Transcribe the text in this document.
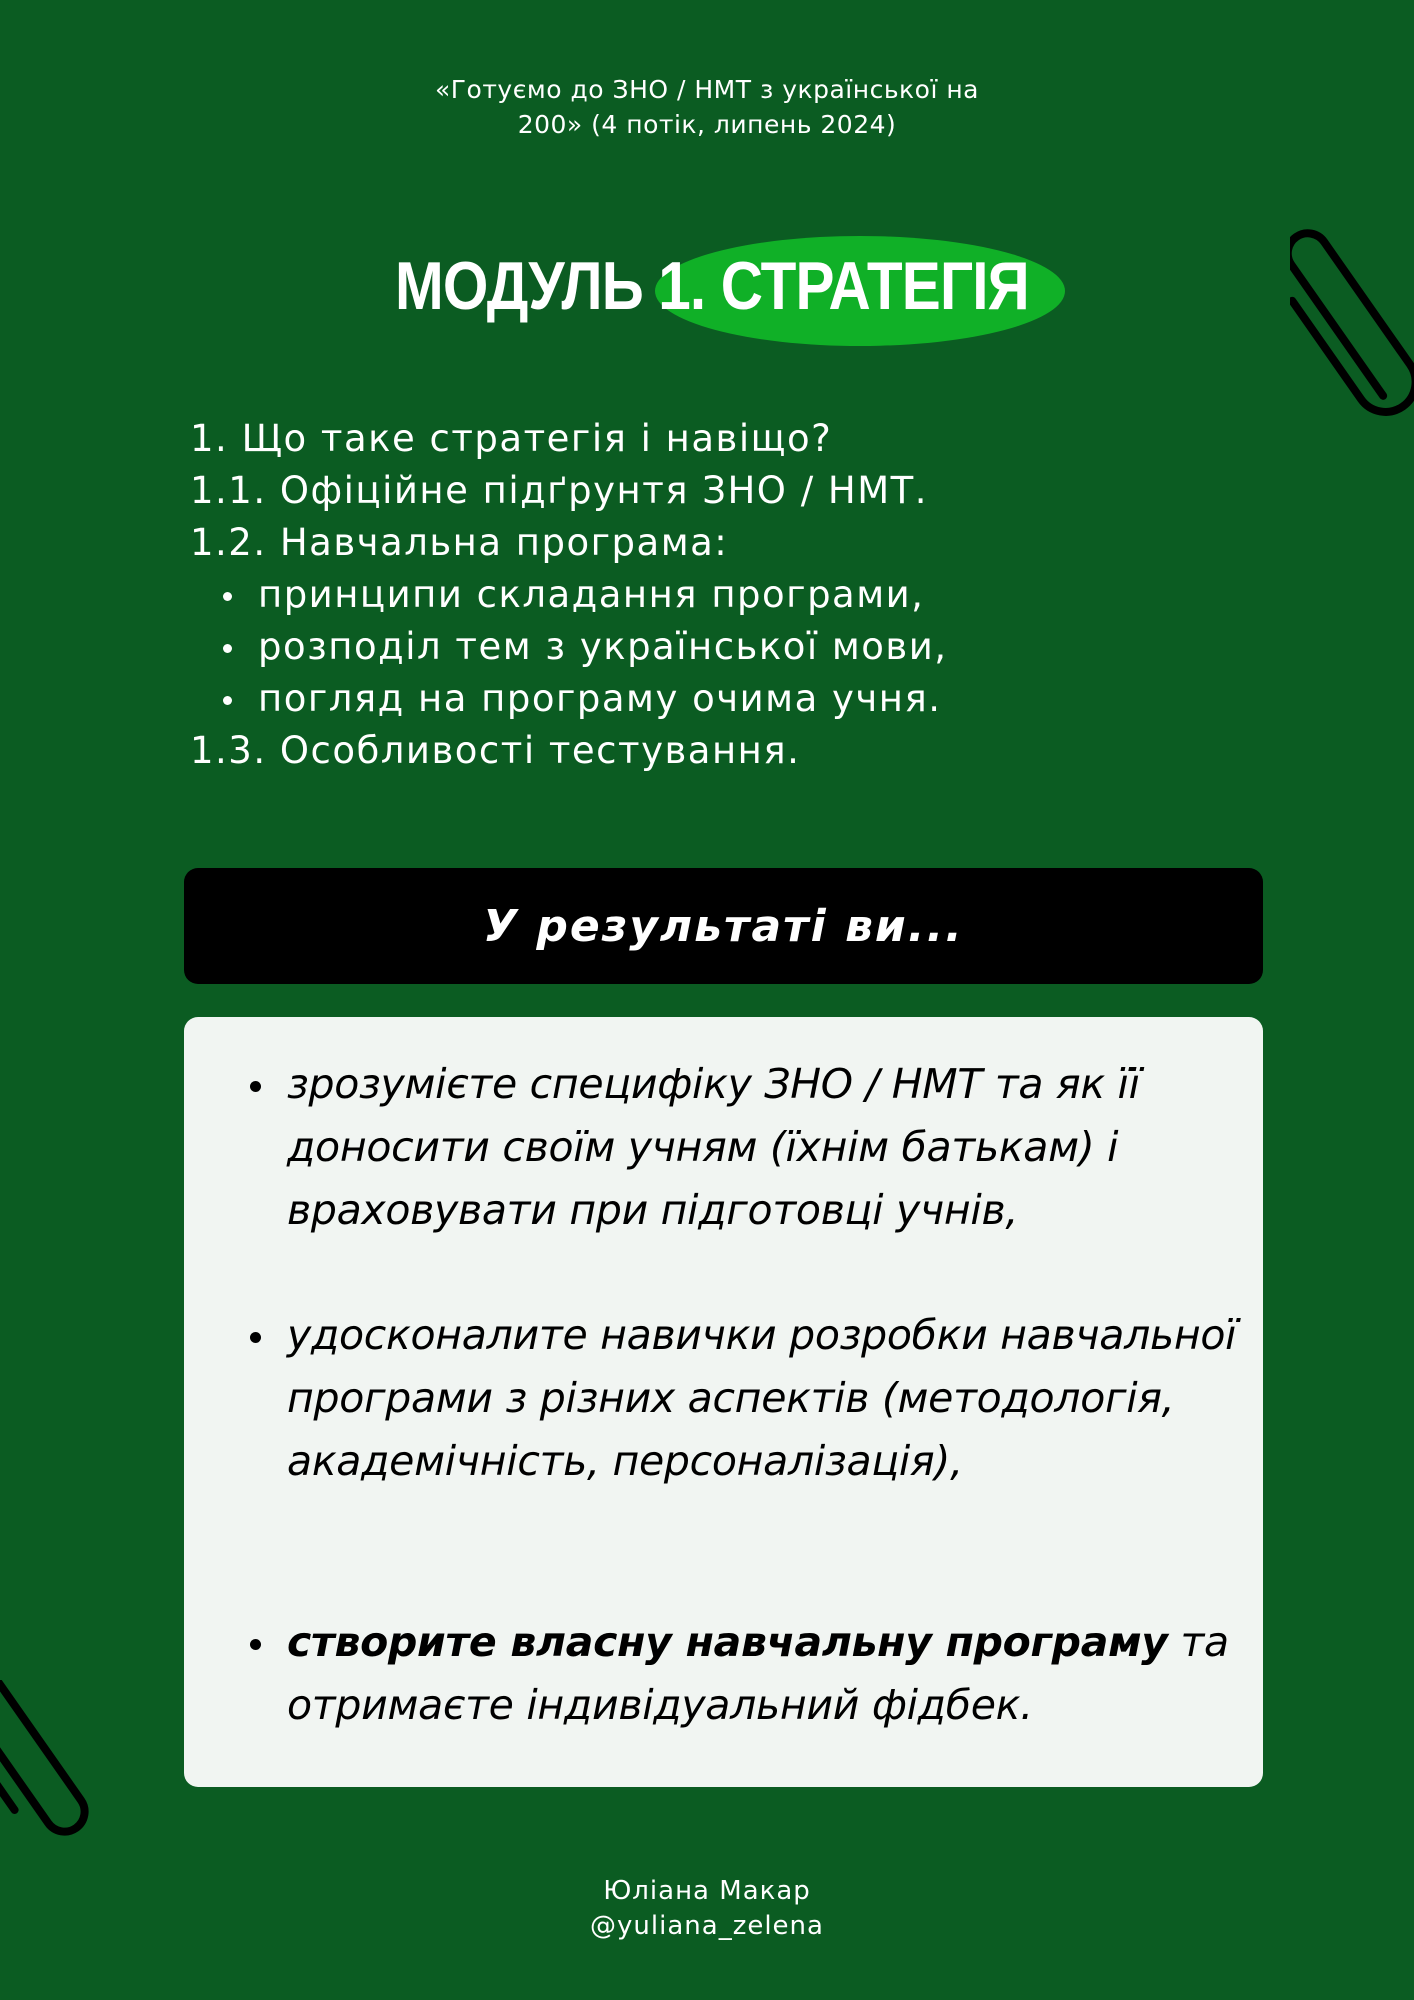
«Готуємо до ЗНО / НМТ з української на
200» (4 потік, липень 2024)
МОДУЛЬ 1. СТРАТЕГІЯ
1. Що таке стратегія і навіщо?
1.1. Офіційне підґрунтя ЗНО / НМТ.
1.2. Навчальна програма:
принципи складання програми,
розподіл тем з української мови,
погляд на програму очима учня.
1.3. Особливості тестування.
У результаті ви...
зрозумієте специфіку ЗНО / НМТ та як її доносити своїм учням (їхнім батькам) і враховувати при підготовці учнів,
удосконалите навички розробки навчальної програми з різних аспектів (методологія, академічність, персоналізація),
створите власну навчальну програму та отримаєте індивідуальний фідбек.
Юліана Макар
@yuliana_zelena
